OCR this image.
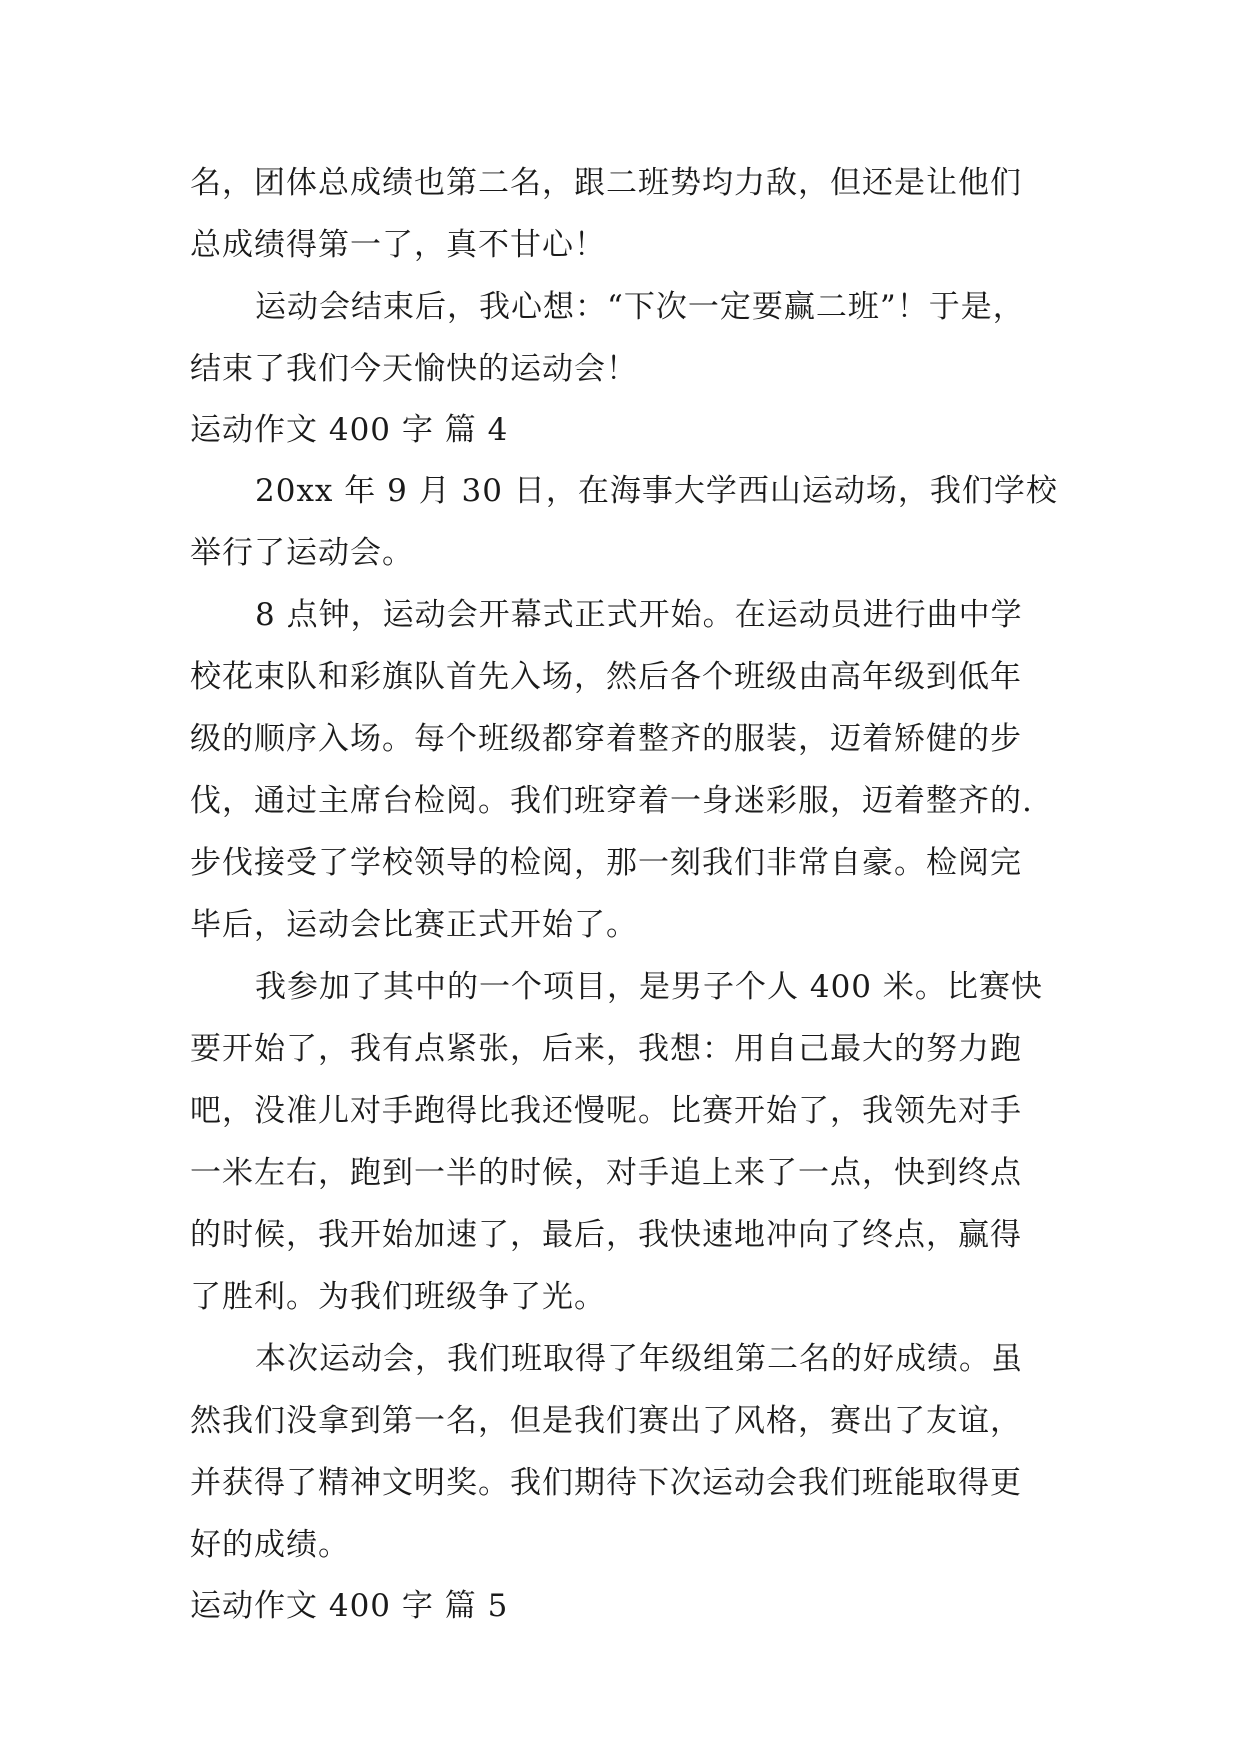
名，团体总成绩也第二名，跟二班势均力敌，但还是让他们
总成绩得第一了，真不甘心！
运动会结束后，我心想：“下次一定要赢二班”！于是，
结束了我们今天愉快的运动会！
运动作文 400 字 篇 4
20xx 年 9 月 30 日，在海事大学西山运动场，我们学校
举行了运动会。
8 点钟，运动会开幕式正式开始。在运动员进行曲中学
校花束队和彩旗队首先入场，然后各个班级由高年级到低年
级的顺序入场。每个班级都穿着整齐的服装，迈着矫健的步
伐，通过主席台检阅。我们班穿着一身迷彩服，迈着整齐的.
步伐接受了学校领导的检阅，那一刻我们非常自豪。检阅完
毕后，运动会比赛正式开始了。
我参加了其中的一个项目，是男子个人 400 米。比赛快
要开始了，我有点紧张，后来，我想：用自己最大的努力跑
吧，没准儿对手跑得比我还慢呢。比赛开始了，我领先对手
一米左右，跑到一半的时候，对手追上来了一点，快到终点
的时候，我开始加速了，最后，我快速地冲向了终点，赢得
了胜利。为我们班级争了光。
本次运动会，我们班取得了年级组第二名的好成绩。虽
然我们没拿到第一名，但是我们赛出了风格，赛出了友谊，
并获得了精神文明奖。我们期待下次运动会我们班能取得更
好的成绩。
运动作文 400 字 篇 5
